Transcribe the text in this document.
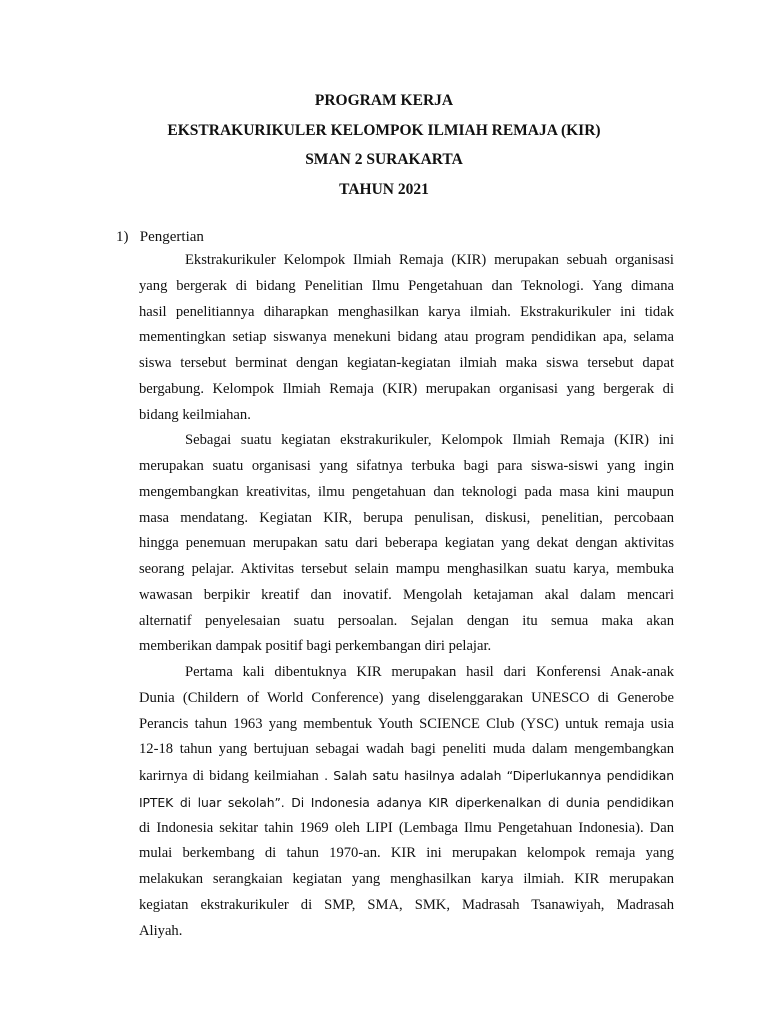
PROGRAM KERJA

EKSTRAKURIKULER KELOMPOK ILMIAH REMAJA (KIR)

SMAN 2 SURAKARTA

TAHUN 2021

1)   Pengertian

Ekstrakurikuler Kelompok Ilmiah Remaja (KIR) merupakan sebuah organisasi

yang bergerak di bidang Penelitian Ilmu Pengetahuan dan Teknologi. Yang dimana

hasil penelitiannya diharapkan menghasilkan karya ilmiah. Ekstrakurikuler ini tidak

mementingkan setiap siswanya menekuni bidang atau program pendidikan apa, selama

siswa tersebut berminat dengan kegiatan-kegiatan ilmiah maka siswa tersebut dapat

bergabung. Kelompok Ilmiah Remaja (KIR) merupakan organisasi yang bergerak di

bidang keilmiahan.

Sebagai suatu kegiatan ekstrakurikuler, Kelompok Ilmiah Remaja (KIR) ini

merupakan suatu organisasi yang sifatnya terbuka bagi para siswa-siswi yang ingin

mengembangkan kreativitas, ilmu pengetahuan dan teknologi pada masa kini maupun

masa mendatang. Kegiatan KIR, berupa penulisan, diskusi, penelitian, percobaan

hingga penemuan merupakan satu dari beberapa kegiatan yang dekat dengan aktivitas

seorang pelajar. Aktivitas tersebut selain mampu menghasilkan suatu karya, membuka

wawasan berpikir kreatif dan inovatif. Mengolah ketajaman akal dalam mencari

alternatif penyelesaian suatu persoalan. Sejalan dengan itu semua maka akan

memberikan dampak positif bagi perkembangan diri pelajar.

Pertama kali dibentuknya KIR merupakan hasil dari Konferensi Anak-anak

Dunia (Childern of World Conference) yang diselenggarakan UNESCO di Generobe

Perancis tahun 1963 yang membentuk Youth SCIENCE Club (YSC) untuk remaja usia

12-18 tahun yang bertujuan sebagai wadah bagi peneliti muda dalam mengembangkan

karirnya di bidang keilmiahan . Salah satu hasilnya adalah “Diperlukannya pendidikan

IPTEK di luar sekolah”. Di Indonesia adanya KIR diperkenalkan di dunia pendidikan

di Indonesia sekitar tahin 1969 oleh LIPI (Lembaga Ilmu Pengetahuan Indonesia). Dan

mulai berkembang di tahun 1970-an. KIR ini merupakan kelompok remaja yang

melakukan serangkaian kegiatan yang menghasilkan karya ilmiah. KIR merupakan

kegiatan ekstrakurikuler di SMP, SMA, SMK, Madrasah Tsanawiyah, Madrasah

Aliyah.
